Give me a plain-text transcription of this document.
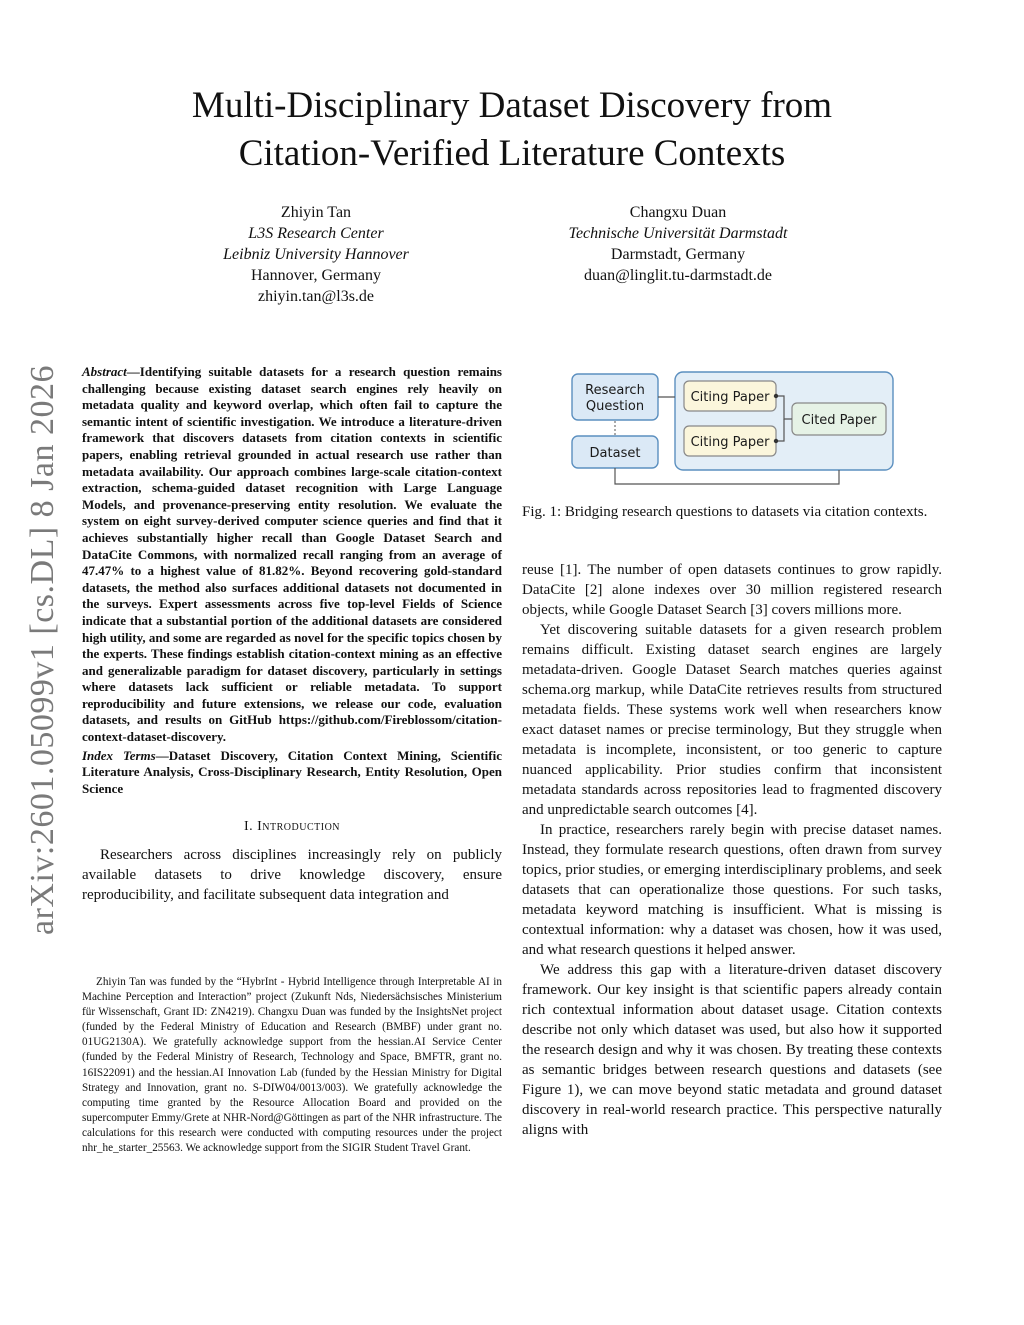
arXiv:2601.05099v1 [cs.DL] 8 Jan 2026
Multi-Disciplinary Dataset Discovery from
Citation-Verified Literature Contexts
Zhiyin Tan
L3S Research Center
Leibniz University Hannover
Hannover, Germany
zhiyin.tan@l3s.de
Changxu Duan
Technische Universität Darmstadt
Darmstadt, Germany
duan@linglit.tu-darmstadt.de

Abstract—Identifying suitable datasets for a research question remains challenging because existing dataset search engines rely heavily on metadata quality and keyword overlap, which often fail to capture the semantic intent of scientific investigation. We introduce a literature-driven framework that discovers datasets from citation contexts in scientific papers, enabling retrieval grounded in actual research use rather than metadata availability. Our approach combines large-scale citation-context extraction, schema-guided dataset recognition with Large Language Models, and provenance-preserving entity resolution. We evaluate the system on eight survey-derived computer science queries and find that it achieves substantially higher recall than Google Dataset Search and DataCite Commons, with normalized recall ranging from an average of 47.47% to a highest value of 81.82%. Beyond recovering gold-standard datasets, the method also surfaces additional datasets not documented in the surveys. Expert assessments across five top-level Fields of Science indicate that a substantial portion of the additional datasets are considered high utility, and some are regarded as novel for the specific topics chosen by the experts. These findings establish citation-context mining as an effective and generalizable paradigm for dataset discovery, particularly in settings where datasets lack sufficient or reliable metadata. To support reproducibility and future extensions, we release our code, evaluation datasets, and results on GitHub https://github.com/Fireblossom/citation-context-dataset-discovery.

Index Terms—Dataset Discovery, Citation Context Mining, Scientific Literature Analysis, Cross-Disciplinary Research, Entity Resolution, Open Science

I. Introduction

Researchers across disciplines increasingly rely on publicly available datasets to drive knowledge discovery, ensure reproducibility, and facilitate subsequent data integration and

Zhiyin Tan was funded by the “HybrInt - Hybrid Intelligence through Interpretable AI in Machine Perception and Interaction” project (Zukunft Nds, Niedersächsisches Ministerium für Wissenschaft, Grant ID: ZN4219). Changxu Duan was funded by the InsightsNet project (funded by the Federal Ministry of Education and Research (BMBF) under grant no. 01UG2130A). We gratefully acknowledge support from the hessian.AI Service Center (funded by the Federal Ministry of Research, Technology and Space, BMFTR, grant no. 16IS22091) and the hessian.AI Innovation Lab (funded by the Hessian Ministry for Digital Strategy and Innovation, grant no. S-DIW04/0013/003). We gratefully acknowledge the computing time granted by the Resource Allocation Board and provided on the supercomputer Emmy/Grete at NHR-Nord@Göttingen as part of the NHR infrastructure. The calculations for this research were conducted with computing resources under the project nhr_he_starter_25563. We acknowledge support from the SIGIR Student Travel Grant.

Research
Question
Dataset
Citing Paper
Citing Paper
Cited Paper

Fig. 1: Bridging research questions to datasets via citation contexts.

reuse [1]. The number of open datasets continues to grow rapidly. DataCite [2] alone indexes over 30 million registered research objects, while Google Dataset Search [3] covers millions more.

Yet discovering suitable datasets for a given research problem remains difficult. Existing dataset search engines are largely metadata-driven. Google Dataset Search matches queries against schema.org markup, while DataCite retrieves results from structured metadata fields. These systems work well when researchers know exact dataset names or precise terminology, But they struggle when metadata is incomplete, inconsistent, or too generic to capture nuanced applicability. Prior studies confirm that inconsistent metadata standards across repositories lead to fragmented discovery and unpredictable search outcomes [4].

In practice, researchers rarely begin with precise dataset names. Instead, they formulate research questions, often drawn from survey topics, prior studies, or emerging interdisciplinary problems, and seek datasets that can operationalize those questions. For such tasks, metadata keyword matching is insufficient. What is missing is contextual information: why a dataset was chosen, how it was used, and what research questions it helped answer.

We address this gap with a literature-driven dataset discovery framework. Our key insight is that scientific papers already contain rich contextual information about dataset usage. Citation contexts describe not only which dataset was used, but also how it supported the research design and why it was chosen. By treating these contexts as semantic bridges between research questions and datasets (see Figure 1), we can move beyond static metadata and ground dataset discovery in real-world research practice. This perspective naturally aligns with
